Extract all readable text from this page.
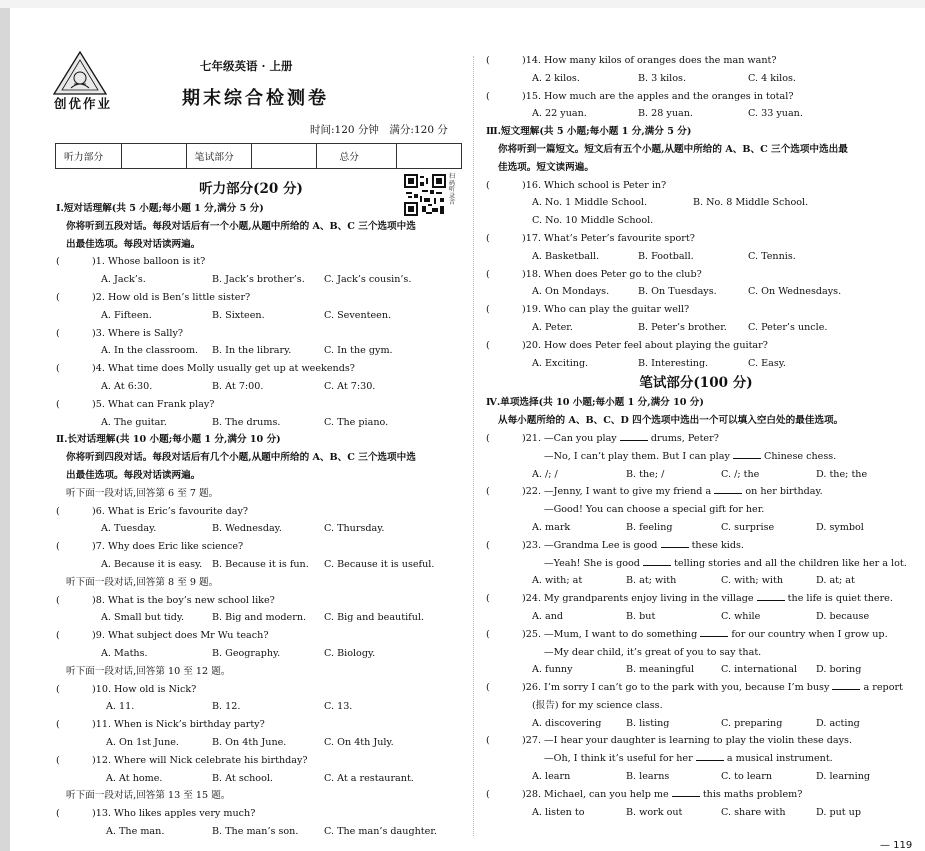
创优作业
七年级英语 · 上册
期末综合检测卷
时间:120 分钟　满分:120 分
听力部分		笔试部分		总分	
扫码听录音
听力部分(20 分)
Ⅰ.短对话理解(共 5 小题;每小题 1 分,满分 5 分)
你将听到五段对话。每段对话后有一个小题,从题中所给的 A、B、C 三个选项中选
出最佳选项。每段对话读两遍。
(	)1. Whose balloon is it?
A. Jack’s.	B. Jack’s brother’s. C. Jack’s cousin’s.
(	)2. How old is Ben’s little sister?
A. Fifteen.	B. Sixteen.	C. Seventeen.
(	)3. Where is Sally?
A. In the classroom. B. In the library.	C. In the gym.
(	)4. What time does Molly usually get up at weekends?
A. At 6:30.	B. At 7:00.	C. At 7:30.
(	)5. What can Frank play?
A. The guitar.	B. The drums.	C. The piano.
Ⅱ.长对话理解(共 10 小题;每小题 1 分,满分 10 分)
你将听到四段对话。每段对话后有几个小题,从题中所给的 A、B、C 三个选项中选
出最佳选项。每段对话读两遍。
听下面一段对话,回答第 6 至 7 题。
(	)6. What is Eric’s favourite day?
A. Tuesday.	B. Wednesday.	C. Thursday.
(	)7. Why does Eric like science?
A. Because it is easy. B. Because it is fun. C. Because it is useful.
听下面一段对话,回答第 8 至 9 题。
(	)8. What is the boy’s new school like?
A. Small but tidy.	B. Big and modern. C. Big and beautiful.
(	)9. What subject does Mr Wu teach?
A. Maths.	B. Geography.	C. Biology.
听下面一段对话,回答第 10 至 12 题。
(	)10. How old is Nick?
A. 11.	B. 12.	C. 13.
(	)11. When is Nick’s birthday party?
A. On 1st June.	B. On 4th June.	C. On 4th July.
(	)12. Where will Nick celebrate his birthday?
A. At home.	B. At school.	C. At a restaurant.
听下面一段对话,回答第 13 至 15 题。
(	)13. Who likes apples very much?
A. The man.	B. The man’s son.	C. The man’s daughter.
(	)14. How many kilos of oranges does the man want?
A. 2 kilos.	B. 3 kilos.	C. 4 kilos.
(	)15. How much are the apples and the oranges in total?
A. 22 yuan.	B. 28 yuan.	C. 33 yuan.
Ⅲ.短文理解(共 5 小题;每小题 1 分,满分 5 分)
你将听到一篇短文。短文后有五个小题,从题中所给的 A、B、C 三个选项中选出最
佳选项。短文读两遍。
(	)16. Which school is Peter in?
A. No. 1 Middle School.	B. No. 8 Middle School.
C. No. 10 Middle School.
(	)17. What’s Peter’s favourite sport?
A. Basketball.	B. Football.	C. Tennis.
(	)18. When does Peter go to the club?
A. On Mondays.	B. On Tuesdays.	C. On Wednesdays.
(	)19. Who can play the guitar well?
A. Peter.	B. Peter’s brother. C. Peter’s uncle.
(	)20. How does Peter feel about playing the guitar?
A. Exciting.	B. Interesting.	C. Easy.
笔试部分(100 分)
Ⅳ.单项选择(共 10 小题;每小题 1 分,满分 10 分)
从每小题所给的 A、B、C、D 四个选项中选出一个可以填入空白处的最佳选项。
(	)21. —Can you play	drums, Peter?
—No, I can’t play them. But I can play	Chinese chess.
A. /; /	B. the; /	C. /; the	D. the; the
(	)22. —Jenny, I want to give my friend a	on her birthday.
—Good! You can choose a special gift for her.
A. mark	B. feeling	C. surprise	D. symbol
(	)23. —Grandma Lee is good	these kids.
—Yeah! She is good	telling stories and all the children like her a lot.
A. with; at	B. at; with	C. with; with	D. at; at
(	)24. My grandparents enjoy living in the village	the life is quiet there.
A. and	B. but	C. while	D. because
(	)25. —Mum, I want to do something	for our country when I grow up.
—My dear child, it’s great of you to say that.
A. funny	B. meaningful	C. international D. boring
(	)26. I’m sorry I can’t go to the park with you, because I’m busy	a report
(报告) for my science class.
A. discovering	B. listing	C. preparing	D. acting
(	)27. —I hear your daughter is learning to play the violin these days.
—Oh, I think it’s useful for her	a musical instrument.
A. learn	B. learns	C. to learn	D. learning
(	)28. Michael, can you help me	this maths problem?
A. listen to	B. work out	C. share with	D. put up
— 119
